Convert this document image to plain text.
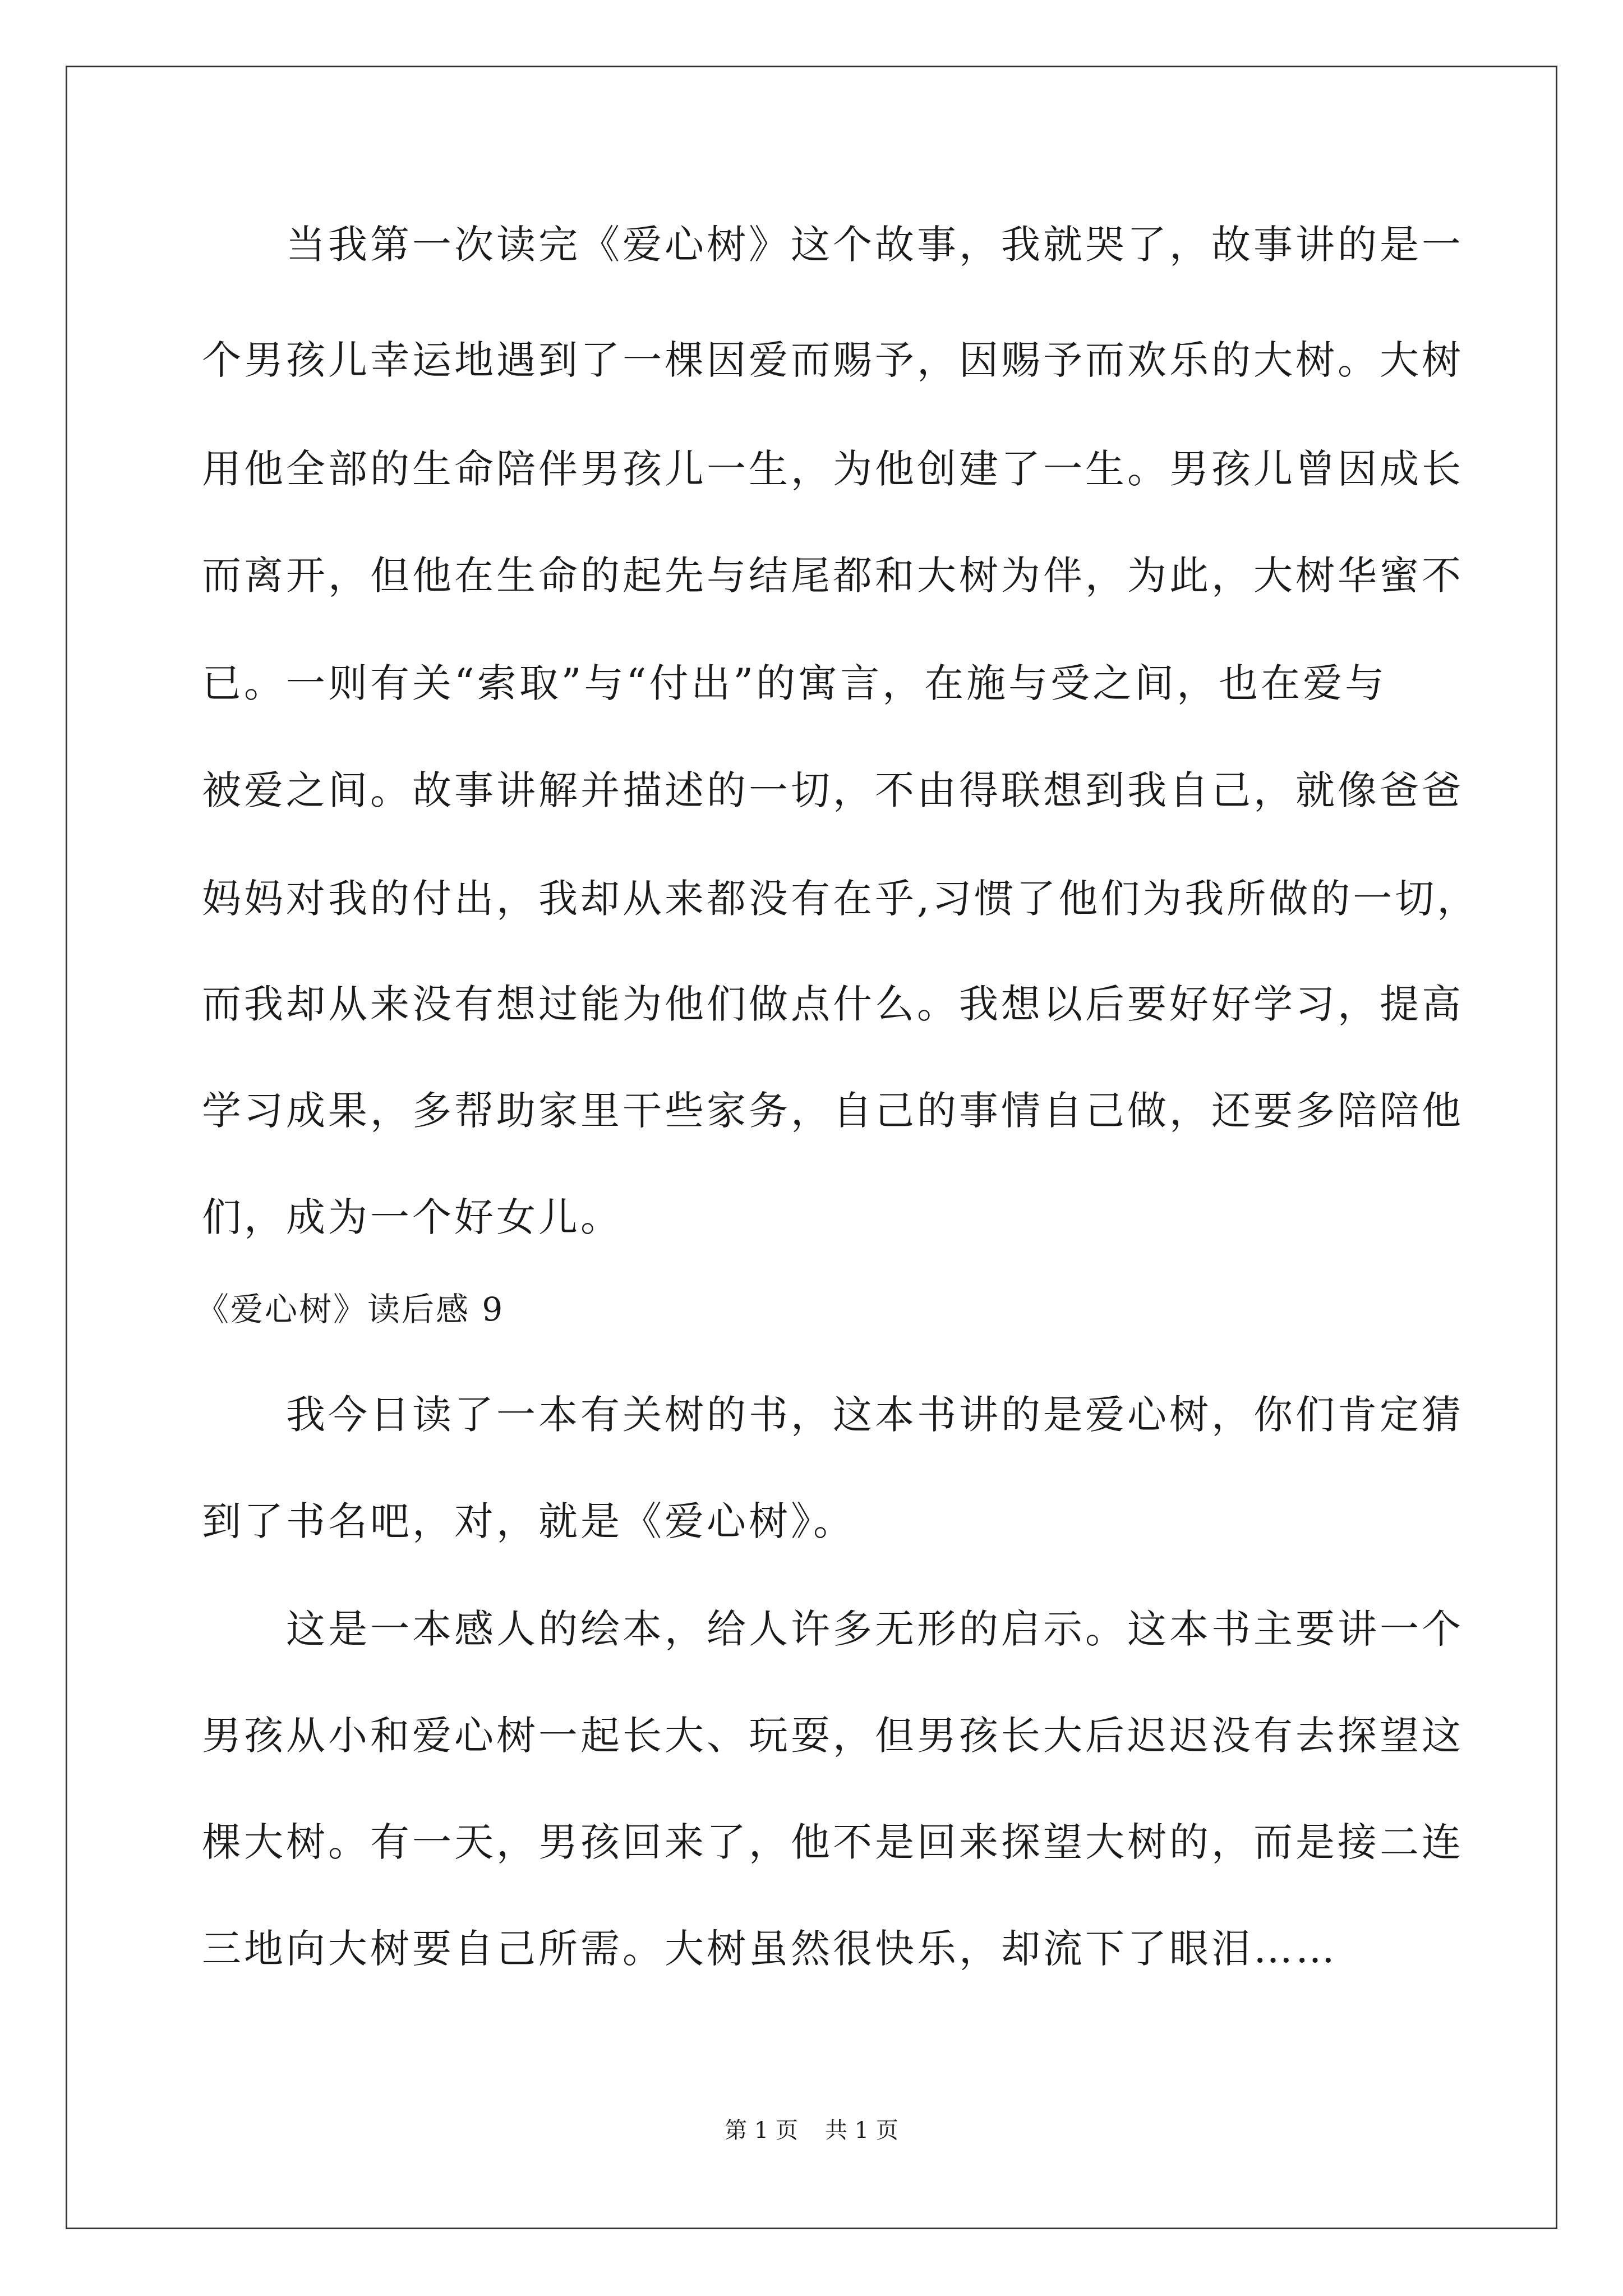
　　当我第一次读完《爱心树》这个故事，我就哭了，故事讲的是一

个男孩儿幸运地遇到了一棵因爱而赐予，因赐予而欢乐的大树。大树

用他全部的生命陪伴男孩儿一生，为他创建了一生。男孩儿曾因成长

而离开，但他在生命的起先与结尾都和大树为伴，为此，大树华蜜不

已。一则有关“索取”与“付出”的寓言，在施与受之间，也在爱与

被爱之间。故事讲解并描述的一切，不由得联想到我自己，就像爸爸

妈妈对我的付出，我却从来都没有在乎,习惯了他们为我所做的一切，

而我却从来没有想过能为他们做点什么。我想以后要好好学习，提高

学习成果，多帮助家里干些家务，自己的事情自己做，还要多陪陪他

们，成为一个好女儿。

《爱心树》读后感 9

　　我今日读了一本有关树的书，这本书讲的是爱心树，你们肯定猜

到了书名吧，对，就是《爱心树》。

　　这是一本感人的绘本，给人许多无形的启示。这本书主要讲一个

男孩从小和爱心树一起长大、玩耍，但男孩长大后迟迟没有去探望这

棵大树。有一天，男孩回来了，他不是回来探望大树的，而是接二连

三地向大树要自己所需。大树虽然很快乐，却流下了眼泪……

第 1 页 共 1 页
